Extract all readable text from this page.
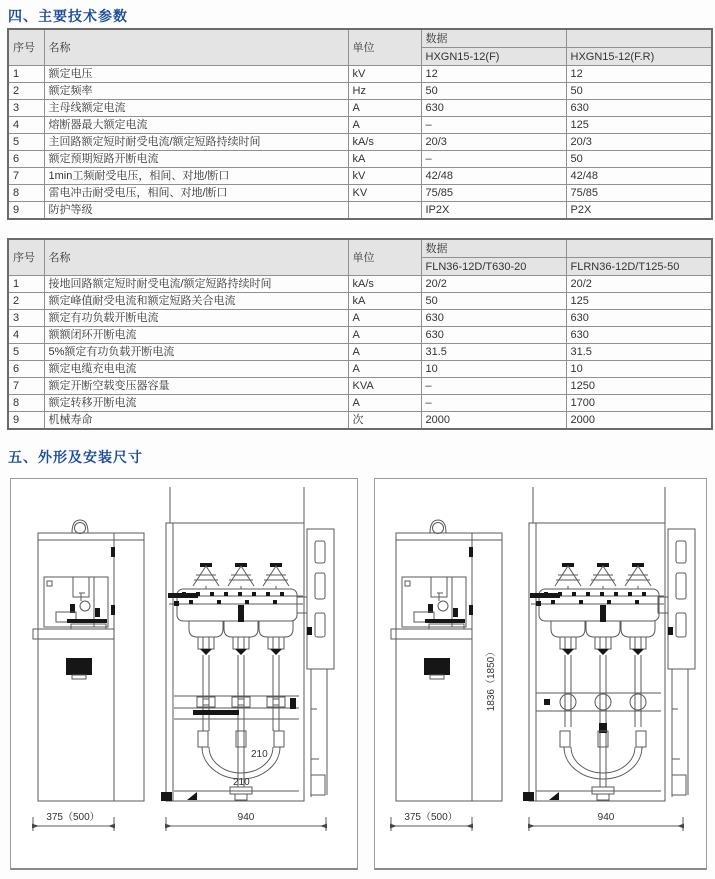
四、主要技术参数
序号	名称	单位	数据	
			HXGN15-12(F)	HXGN15-12(F.R)
1	额定电压	kV	12	12
2	额定频率	Hz	50	50
3	主母线额定电流	A	630	630
4	熔断器最大额定电流	A	–	125
5	主回路额定短时耐受电流/额定短路持续时间	kA/s	20/3	20/3
6	额定预期短路开断电流	kA	–	50
7	1min工频耐受电压，相间、对地/断口	kV	42/48	42/48
8	雷电冲击耐受电压，相间、对地/断口	KV	75/85	75/85
9	防护等级		IP2X	P2X
序号	名称	单位	数据	
			FLN36-12D/T630-20	FLRN36-12D/T125-50
1	接地回路额定短时耐受电流/额定短路持续时间	kA/s	20/2	20/2
2	额定峰值耐受电流和额定短路关合电流	kA	50	125
3	额定有功负载开断电流	A	630	630
4	额额闭环开断电流	A	630	630
5	5%额定有功负载开断电流	A	31.5	31.5
6	额定电缆充电电流	A	10	10
7	额定开断空载变压器容量	KVA	–	1250
8	额定转移开断电流	A	–	1700
9	机械寿命	次	2000	2000
五、外形及安装尺寸
210
210
375（500）	940
1836（1850）
375（500）	940
